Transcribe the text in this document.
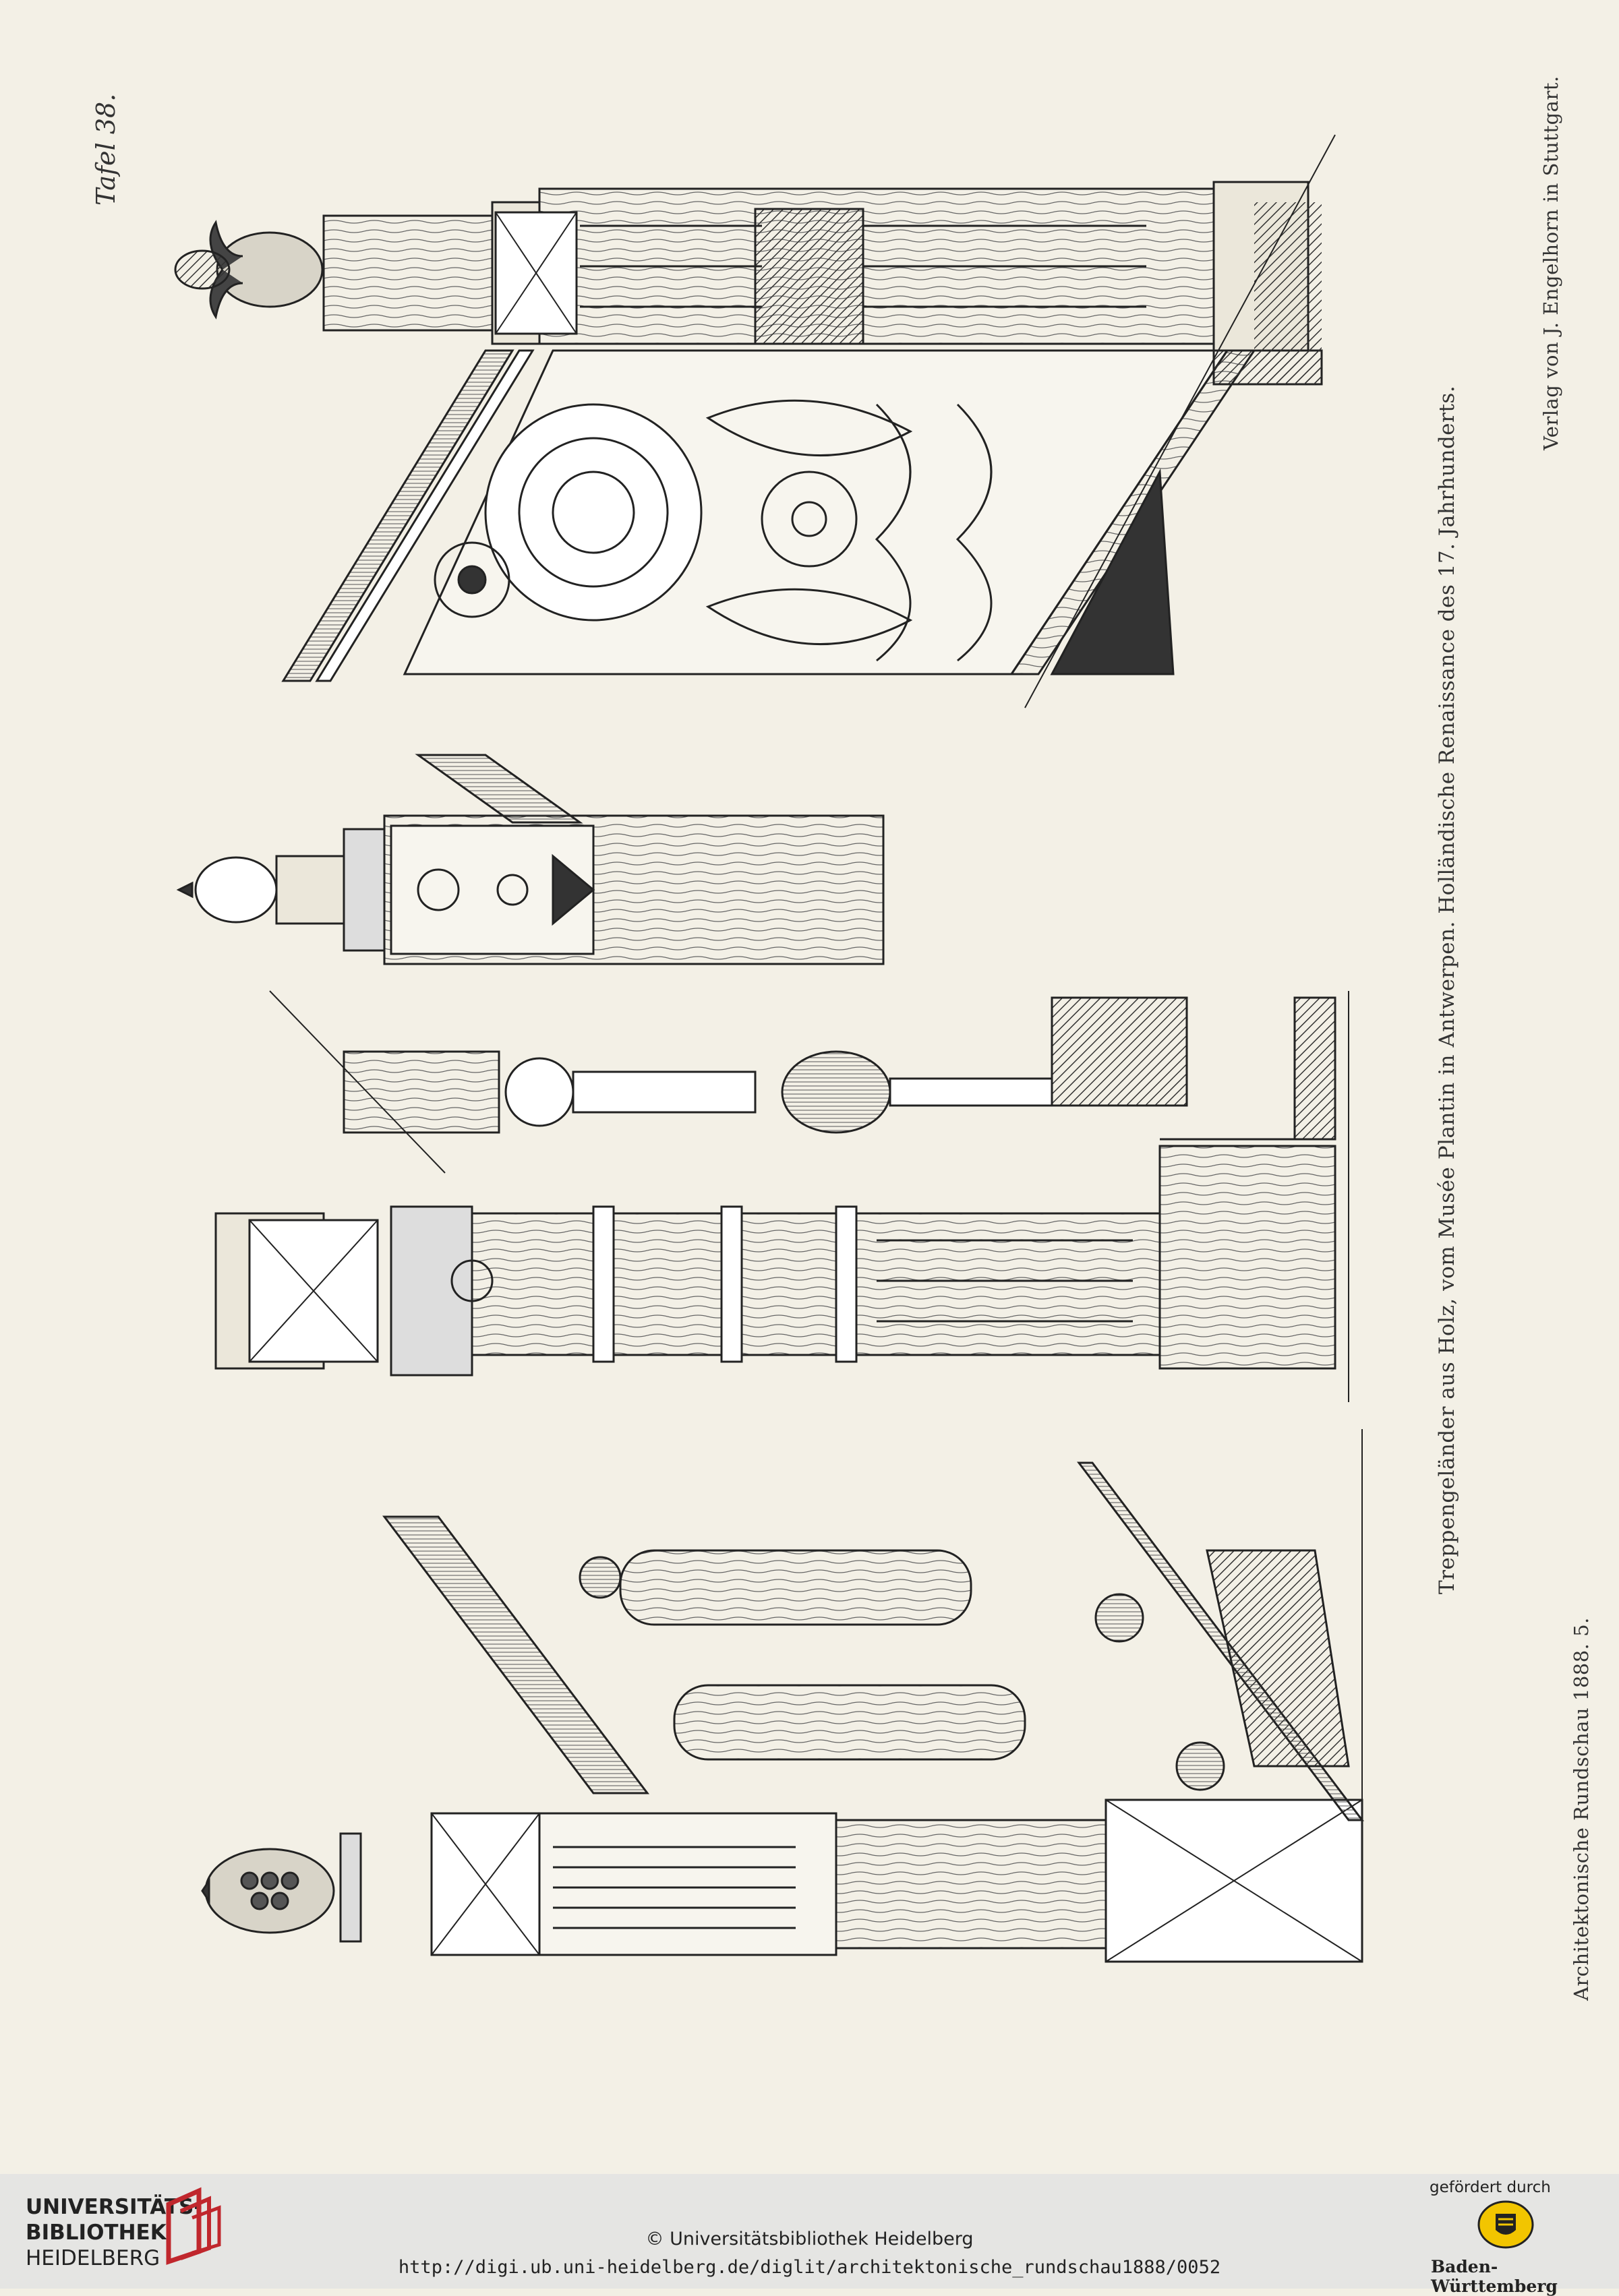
Tafel 38.
Treppengeländer aus Holz, vom Musée Plantin in Antwerpen. Holländische Renaissance des 17. Jahrhunderts.
Verlag von J. Engelhorn in Stuttgart.
Architektonische Rundschau 1888. 5.
UNIVERSITÄTS-
BIBLIOTHEK
HEIDELBERG
© Universitätsbibliothek Heidelberg
http://digi.ub.uni-heidelberg.de/diglit/architektonische_rundschau1888/0052
gefördert durch
Baden-Württemberg
